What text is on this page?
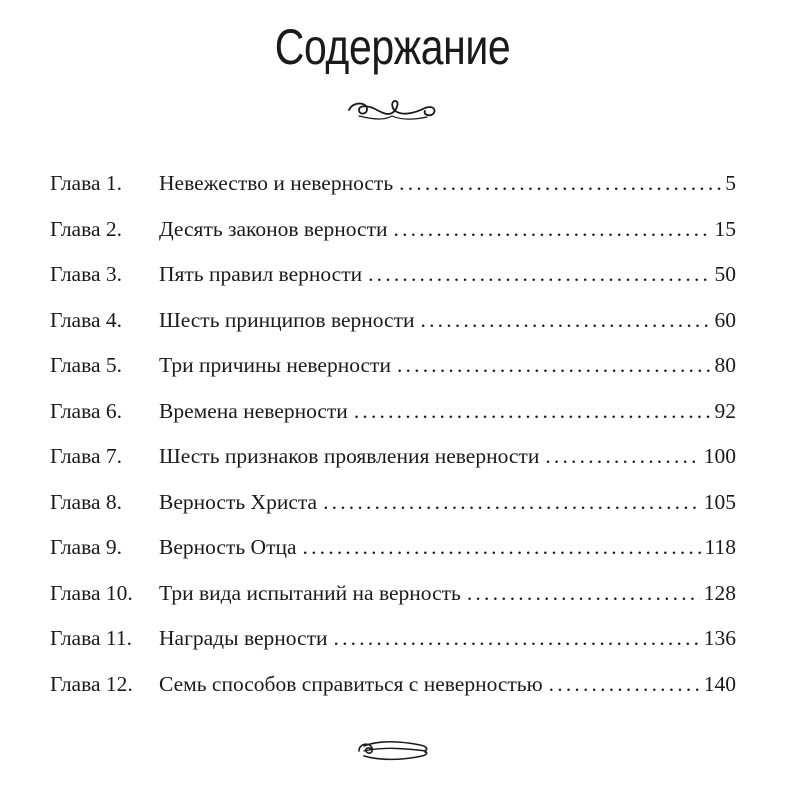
Содержание
Глава 1.	Невежество и неверность .....	5
Глава 2.	Десять законов верности .....	15
Глава 3.	Пять правил верности .....	50
Глава 4.	Шесть принципов верности .....	60
Глава 5.	Три причины неверности .....	80
Глава 6.	Времена неверности .....	92
Глава 7.	Шесть признаков проявления неверности .....	100
Глава 8.	Верность Христа .....	105
Глава 9.	Верность Отца .....	118
Глава 10.	Три вида испытаний на верность .....	128
Глава 11.	Награды верности .....	136
Глава 12.	Семь способов справиться с неверностью .....	140
